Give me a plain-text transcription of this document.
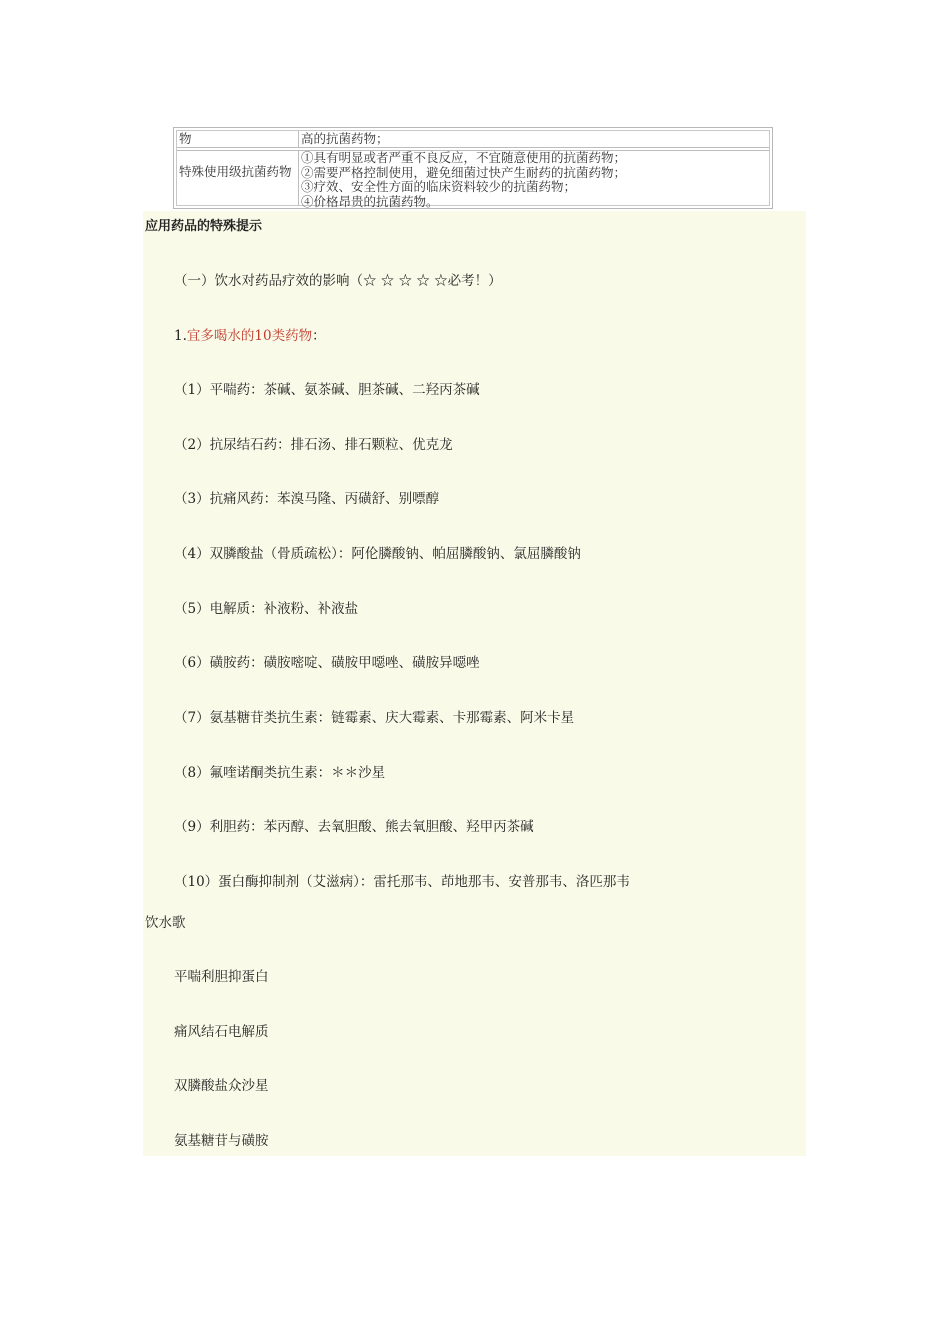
物	高的抗菌药物；
特殊使用级抗菌药物
①具有明显或者严重不良反应，不宜随意使用的抗菌药物；
②需要严格控制使用，避免细菌过快产生耐药的抗菌药物；
③疗效、安全性方面的临床资料较少的抗菌药物；
④价格昂贵的抗菌药物。
应用药品的特殊提示
（一）饮水对药品疗效的影响（☆ ☆ ☆ ☆ ☆必考！）
1.宜多喝水的10类药物：
（1）平喘药：茶碱、氨茶碱、胆茶碱、二羟丙茶碱
（2）抗尿结石药：排石汤、排石颗粒、优克龙
（3）抗痛风药：苯溴马隆、丙磺舒、别嘌醇
（4）双膦酸盐（骨质疏松）：阿伦膦酸钠、帕屈膦酸钠、氯屈膦酸钠
（5）电解质：补液粉、补液盐
（6）磺胺药：磺胺嘧啶、磺胺甲噁唑、磺胺异噁唑
（7）氨基糖苷类抗生素：链霉素、庆大霉素、卡那霉素、阿米卡星
（8）氟喹诺酮类抗生素：＊＊沙星
（9）利胆药：苯丙醇、去氧胆酸、熊去氧胆酸、羟甲丙茶碱
（10）蛋白酶抑制剂（艾滋病）：雷托那韦、茚地那韦、安普那韦、洛匹那韦
饮水歌
平喘利胆抑蛋白
痛风结石电解质
双膦酸盐众沙星
氨基糖苷与磺胺
